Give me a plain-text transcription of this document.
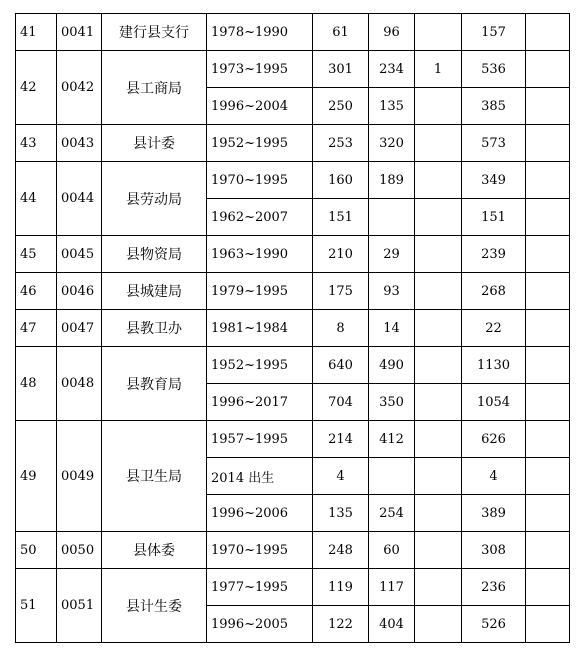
41	0041	建行县支行	1978~1990	61	96		157	
42	0042	县工商局	1973~1995	301	234	1	536	
			1996~2004	250	135		385	
43	0043	县计委	1952~1995	253	320		573	
44	0044	县劳动局	1970~1995	160	189		349	
			1962~2007	151			151	
45	0045	县物资局	1963~1990	210	29		239	
46	0046	县城建局	1979~1995	175	93		268	
47	0047	县教卫办	1981~1984	8	14		22	
48	0048	县教育局	1952~1995	640	490		1130	
			1996~2017	704	350		1054	
49	0049	县卫生局	1957~1995	214	412		626	
			2014 出生	4			4	
			1996~2006	135	254		389	
50	0050	县体委	1970~1995	248	60		308	
51	0051	县计生委	1977~1995	119	117		236	
			1996~2005	122	404		526	
